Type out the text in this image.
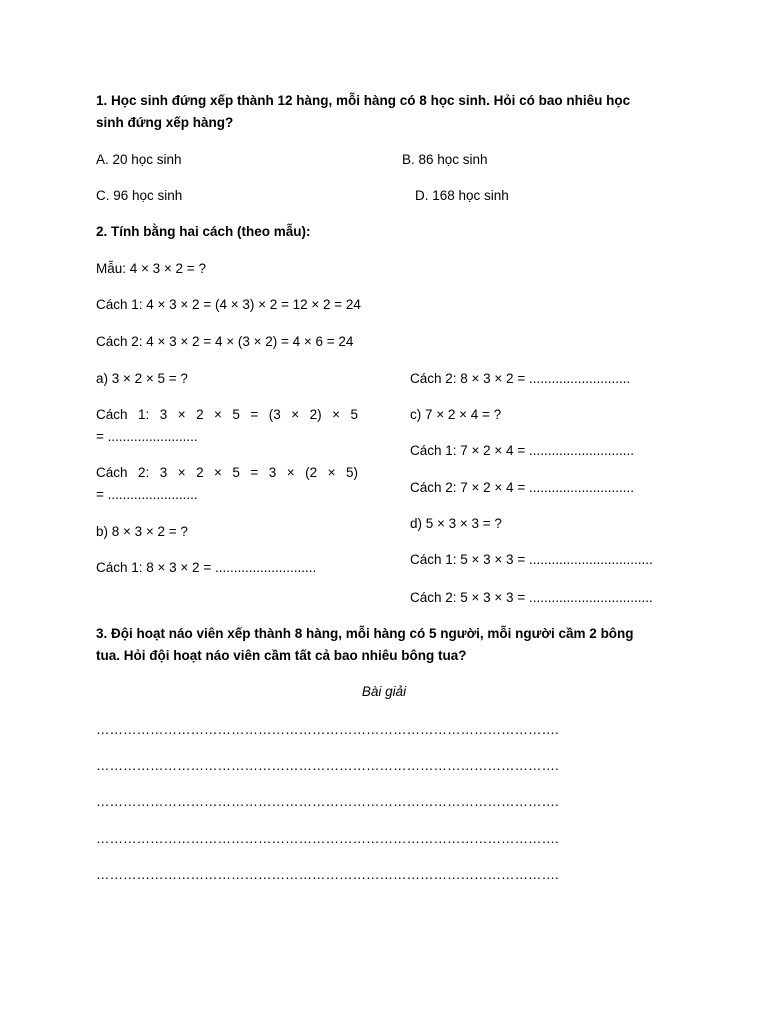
1. Học sinh đứng xếp thành 12 hàng, mỗi hàng có 8 học sinh. Hỏi có bao nhiêu học
sinh đứng xếp hàng?
A. 20 học sinh	B. 86 học sinh
C. 96 học sinh	D. 168 học sinh
2. Tính bằng hai cách (theo mẫu):
Mẫu: 4 × 3 × 2 = ?
Cách 1: 4 × 3 × 2 = (4 × 3) × 2 = 12 × 2 = 24
Cách 2: 4 × 3 × 2 = 4 × (3 × 2) = 4 × 6 = 24
a) 3 × 2 × 5 = ?
Cách 1: 3 × 2 × 5 = (3 × 2) × 5
= ........................
Cách 2: 3 × 2 × 5 = 3 × (2 × 5)
= ........................
b) 8 × 3 × 2 = ?
Cách 1: 8 × 3 × 2 = ...........................
Cách 2: 8 × 3 × 2 = ...........................
c) 7 × 2 × 4 = ?
Cách 1: 7 × 2 × 4 = ............................
Cách 2: 7 × 2 × 4 = ............................
d) 5 × 3 × 3 = ?
Cách 1: 5 × 3 × 3 = .................................
Cách 2: 5 × 3 × 3 = .................................
3. Đội hoạt náo viên xếp thành 8 hàng, mỗi hàng có 5 người, mỗi người cầm 2 bông
tua. Hỏi đội hoạt náo viên cầm tất cả bao nhiêu bông tua?
Bài giải
………………………………………………………………………………………….
………………………………………………………………………………………….
………………………………………………………………………………………….
………………………………………………………………………………………….
………………………………………………………………………………………….
